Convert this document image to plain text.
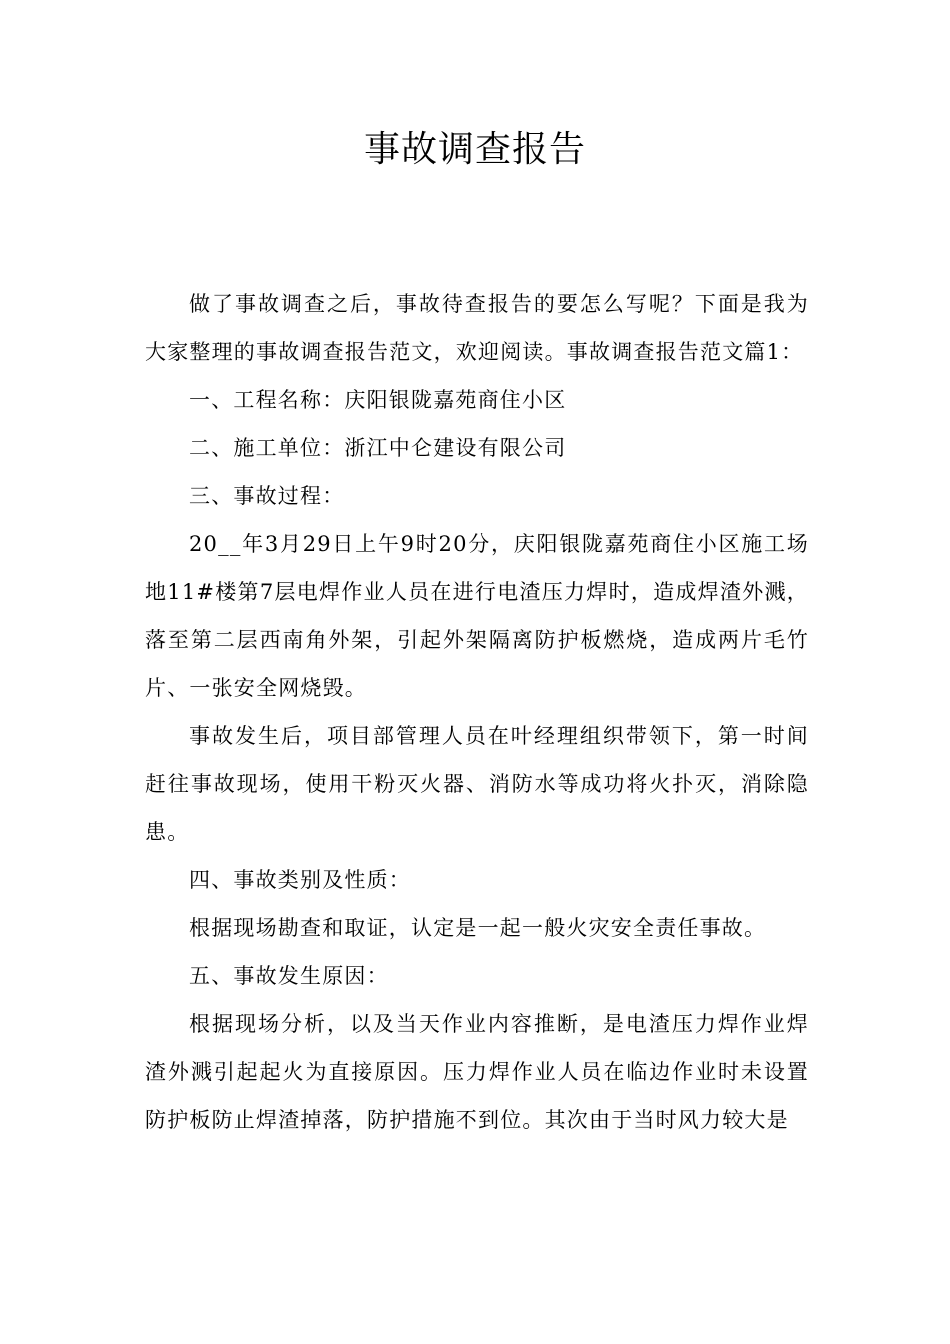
事故调查报告

做了事故调查之后，事故待查报告的要怎么写呢？下面是我为大家整理的事故调查报告范文，欢迎阅读。事故调查报告范文篇1：

一、工程名称：庆阳银陇嘉苑商住小区

二、施工单位：浙江中仑建设有限公司

三、事故过程：

20__年3月29日上午9时20分，庆阳银陇嘉苑商住小区施工场地11#楼第7层电焊作业人员在进行电渣压力焊时，造成焊渣外溅，落至第二层西南角外架，引起外架隔离防护板燃烧，造成两片毛竹片、一张安全网烧毁。

事故发生后，项目部管理人员在叶经理组织带领下，第一时间赶往事故现场，使用干粉灭火器、消防水等成功将火扑灭，消除隐患。

四、事故类别及性质：

根据现场勘查和取证，认定是一起一般火灾安全责任事故。

五、事故发生原因：

根据现场分析，以及当天作业内容推断，是电渣压力焊作业焊渣外溅引起起火为直接原因。压力焊作业人员在临边作业时未设置防护板防止焊渣掉落，防护措施不到位。其次由于当时风力较大是
